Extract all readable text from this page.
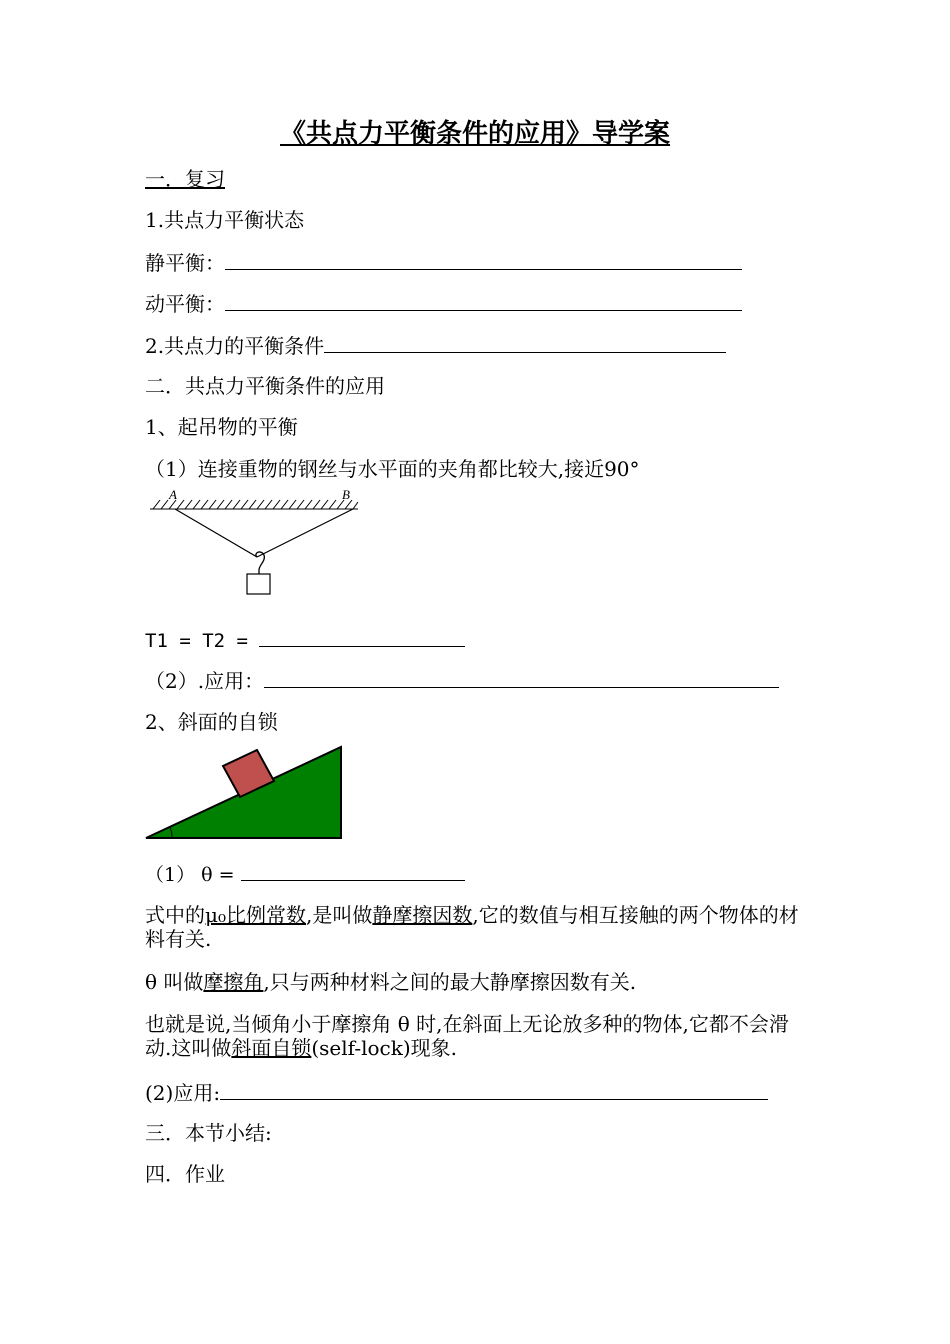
《共点力平衡条件的应用》导学案
一．复习
1.共点力平衡状态
静平衡：
动平衡：
2.共点力的平衡条件
二．共点力平衡条件的应用
1、起吊物的平衡
（1）连接重物的钢丝与水平面的夹角都比较大,接近90°
A	B
T1 = T2 =
（2）.应用：
2、斜面的自锁
（1） θ =
式中的μ₀比例常数,是叫做静摩擦因数,它的数值与相互接触的两个物体的材料有关.
θ 叫做摩擦角,只与两种材料之间的最大静摩擦因数有关.
也就是说,当倾角小于摩擦角 θ 时,在斜面上无论放多种的物体,它都不会滑动.这叫做斜面自锁(self-lock)现象.
(2)应用:
三．本节小结:
四．作业
